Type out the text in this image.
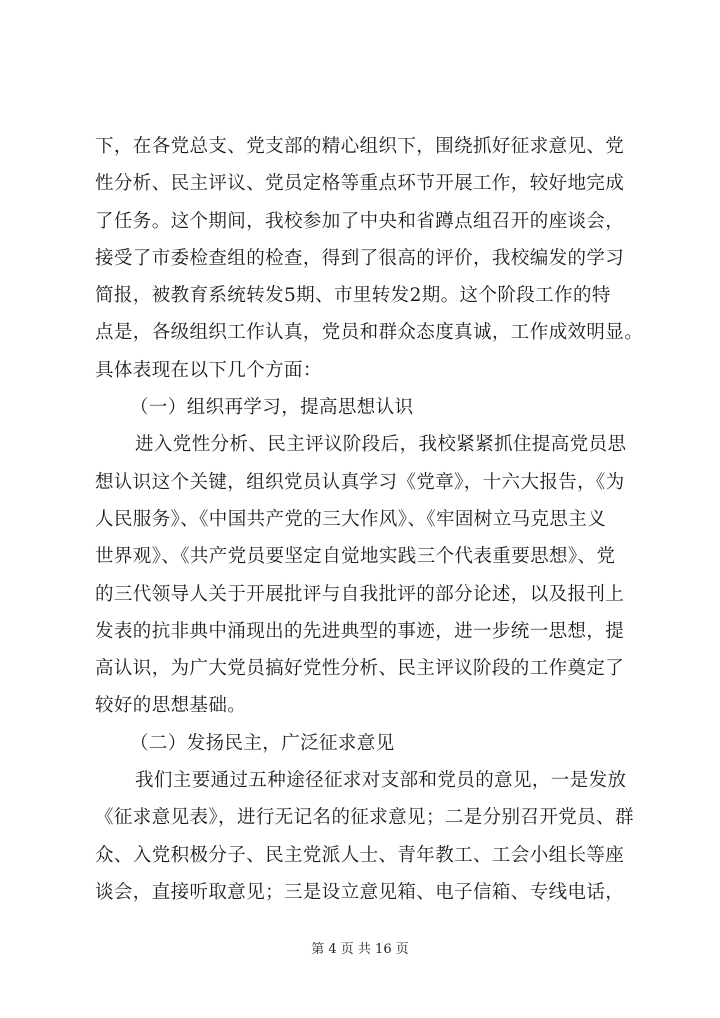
下，在各党总支、党支部的精心组织下，围绕抓好征求意见、党
性分析、民主评议、党员定格等重点环节开展工作，较好地完成
了任务。这个期间，我校参加了中央和省蹲点组召开的座谈会，
接受了市委检查组的检查，得到了很高的评价，我校编发的学习
简报，被教育系统转发5期、市里转发2期。这个阶段工作的特
点是，各级组织工作认真，党员和群众态度真诚，工作成效明显。
具体表现在以下几个方面：
（一）组织再学习，提高思想认识
进入党性分析、民主评议阶段后，我校紧紧抓住提高党员思
想认识这个关键，组织党员认真学习《党章》，十六大报告，《为
人民服务》、《中国共产党的三大作风》、《牢固树立马克思主义
世界观》、《共产党员要坚定自觉地实践三个代表重要思想》、党
的三代领导人关于开展批评与自我批评的部分论述，以及报刊上
发表的抗非典中涌现出的先进典型的事迹，进一步统一思想，提
高认识，为广大党员搞好党性分析、民主评议阶段的工作奠定了
较好的思想基础。
（二）发扬民主，广泛征求意见
我们主要通过五种途径征求对支部和党员的意见，一是发放
《征求意见表》，进行无记名的征求意见；二是分别召开党员、群
众、入党积极分子、民主党派人士、青年教工、工会小组长等座
谈会，直接听取意见；三是设立意见箱、电子信箱、专线电话，
第 4 页 共 16 页
